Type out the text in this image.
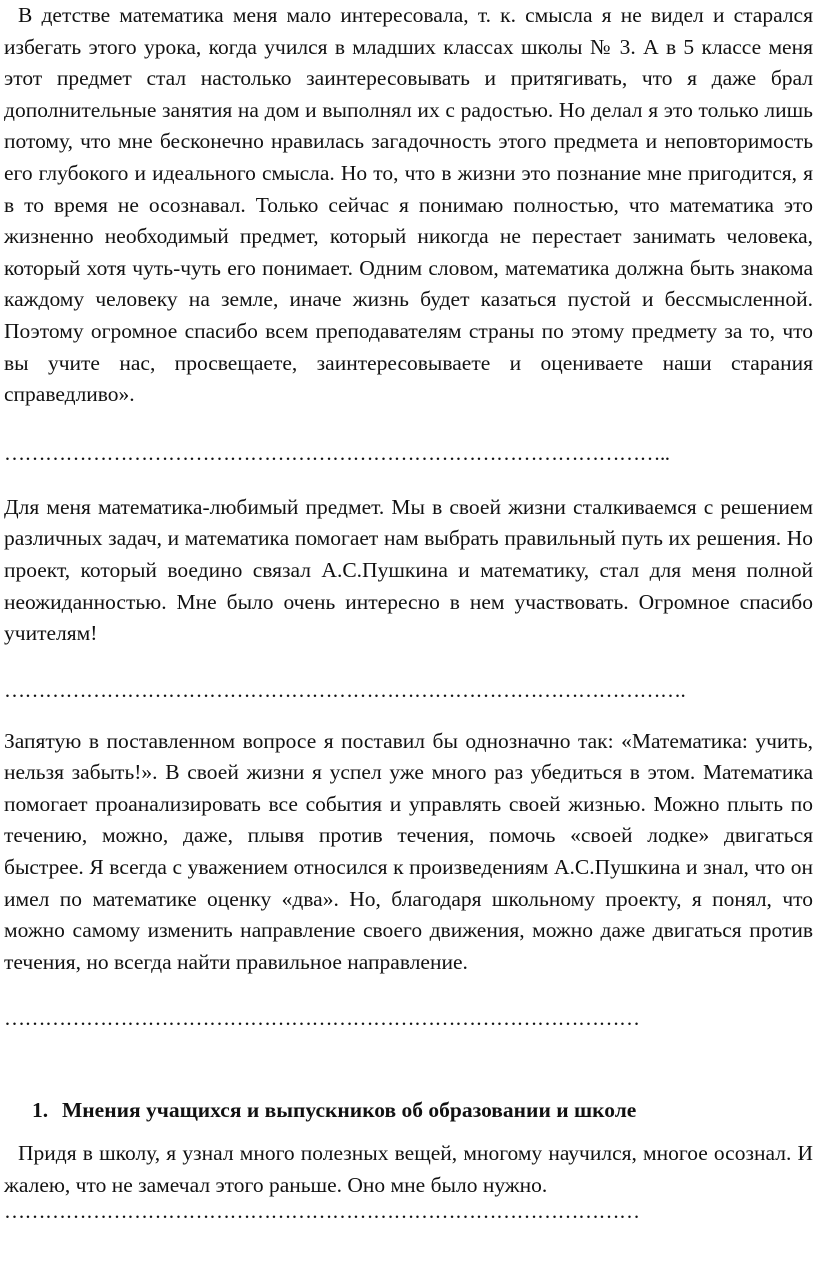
В детстве математика меня мало интересовала, т. к. смысла я не видел и старался избегать этого урока, когда учился в младших классах школы № 3. А в 5 классе меня этот предмет стал настолько заинтересовывать и притягивать, что я даже брал дополнительные занятия на дом и выполнял их с радостью. Но делал я это только лишь потому, что мне бесконечно нравилась загадочность этого предмета и неповторимость его глубокого и идеального смысла. Но то, что в жизни это познание мне пригодится, я в то время не осознавал. Только сейчас я понимаю полностью, что математика это жизненно необходимый предмет, который никогда не перестает занимать человека, который хотя чуть-чуть его понимает. Одним словом, математика должна быть знакома каждому человеку на земле, иначе жизнь будет казаться пустой и бессмысленной. Поэтому огромное спасибо всем преподавателям страны по этому предмету за то, что вы учите нас, просвещаете, заинтересовываете и оцениваете наши старания справедливо».

……………………………………………………………………………………..

Для меня математика-любимый предмет. Мы в своей жизни сталкиваемся с решением различных задач, и математика помогает нам выбрать правильный путь их решения. Но проект, который воедино связал А.С.Пушкина и математику, стал для меня полной неожиданностью. Мне было очень интересно в нем участвовать. Огромное спасибо учителям!

……………………………………………………………………………………….

Запятую в поставленном вопросе я поставил бы однозначно так: «Математика: учить, нельзя забыть!». В своей жизни я успел уже много раз убедиться в этом. Математика помогает проанализировать все события и управлять своей жизнью. Можно плыть по течению, можно, даже, плывя против течения, помочь «своей лодке» двигаться быстрее. Я всегда с уважением относился к произведениям А.С.Пушкина и знал, что он имел по математике оценку «два». Но, благодаря школьному проекту, я понял, что можно самому изменить направление своего движения, можно даже двигаться против течения, но всегда найти правильное направление.

…………………………………………………………………………………
1. Мнения учащихся и выпускников об образовании и школе

Придя в школу, я узнал много полезных вещей, многому научился, многое осознал. И жалею, что не замечал этого раньше. Оно мне было нужно.

…………………………………………………………………………………
